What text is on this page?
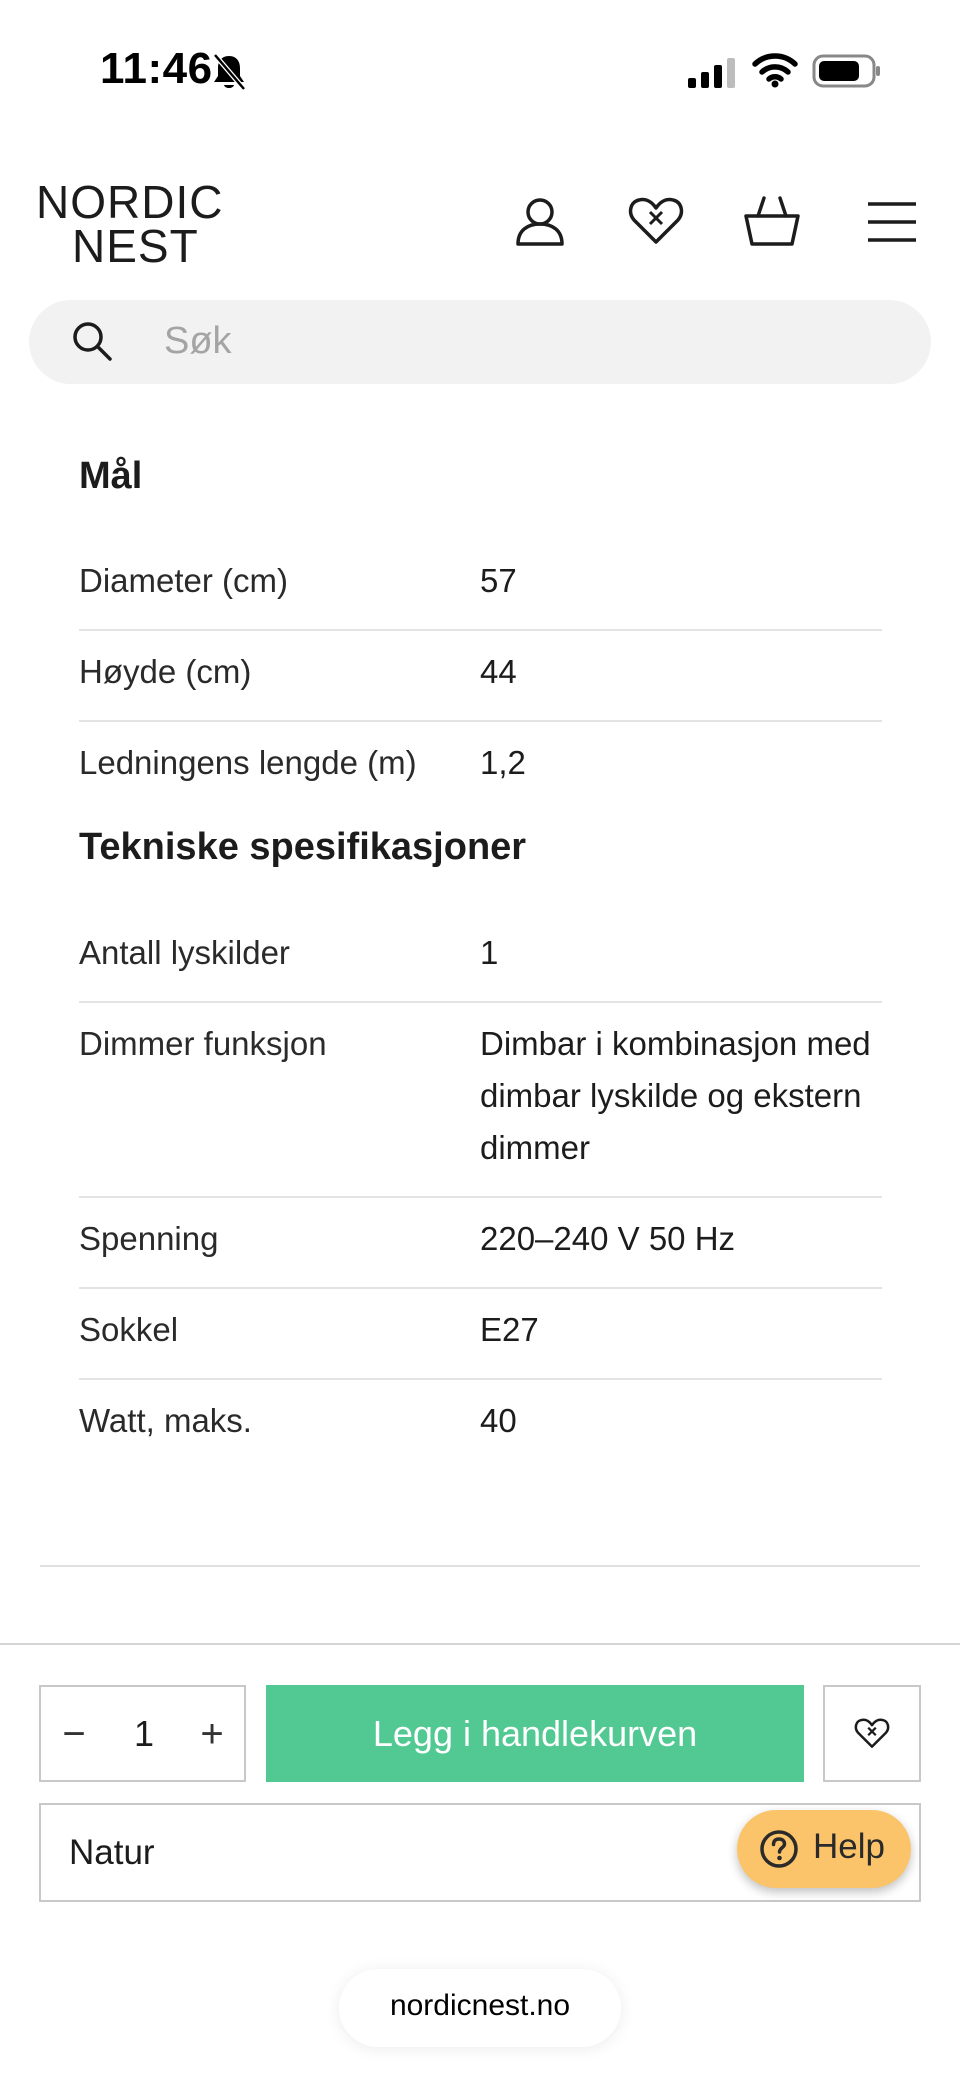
11:46
NORDIC
NEST
Søk
Mål
Diameter (cm)	57
Høyde (cm)	44
Ledningens lengde (m)	1,2
Tekniske spesifikasjoner
Antall lyskilder	1
Dimmer funksjon	Dimbar i kombinasjon med dimbar lyskilde og ekstern dimmer
Spenning	220–240 V 50 Hz
Sokkel	E27
Watt, maks.	40
−	1	+	Legg i handlekurven
Natur	Help
nordicnest.no
